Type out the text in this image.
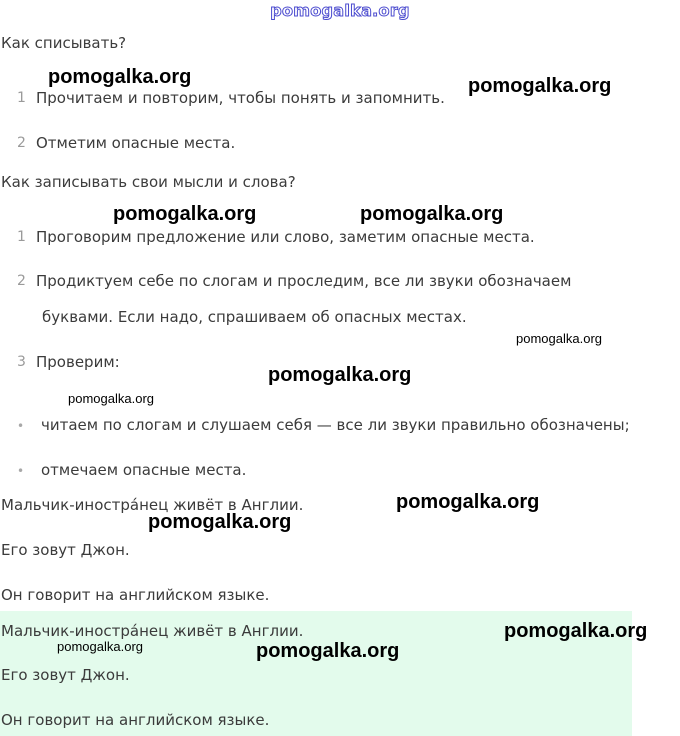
pomogalka.org
Как списывать?
1 Прочитаем и повторим, чтобы понять и запомнить.
2 Отметим опасные места.
Как записывать свои мысли и слова?
1 Проговорим предложение или слово, заметим опасные места.
2 Продиктуем себе по слогам и проследим, все ли звуки обозначаем
буквами. Если надо, спрашиваем об опасных местах.
3 Проверим:
• читаем по слогам и слушаем себя — все ли звуки правильно обозначены;
• отмечаем опасные места.
Мальчик-иностра́нец живёт в Англии.
Его зовут Джон.
Он говорит на английском языке.
Мальчик-иностра́нец живёт в Англии.
Его зовут Джон.
Он говорит на английском языке.
pomogalka.org	pomogalka.org
pomogalka.org	pomogalka.org
pomogalka.org
pomogalka.org
pomogalka.org
pomogalka.org
pomogalka.org
pomogalka.org
pomogalka.org	pomogalka.org
